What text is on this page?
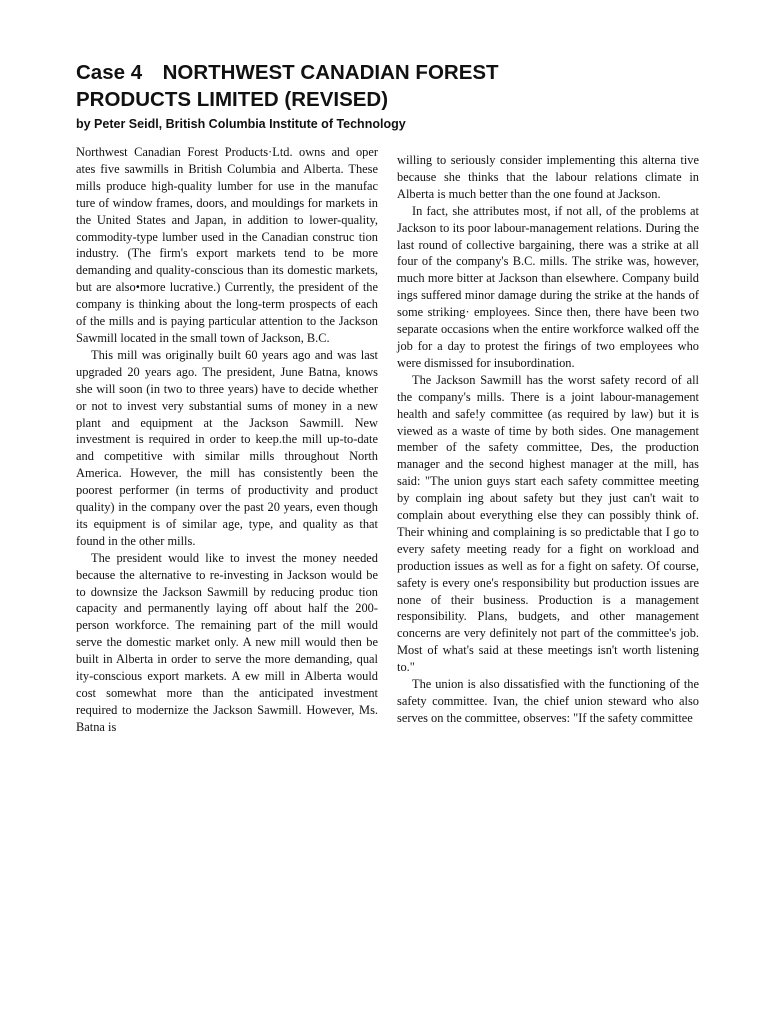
Case 4 NORTHWEST CANADIAN FOREST PRODUCTS LIMITED (REVISED)

by Peter Seidl, British Columbia Institute of Technology

Northwest Canadian Forest Products·Ltd. owns and oper ates five sawmills in British Columbia and Alberta. These mills produce high-quality lumber for use in the manufac ture of window frames, doors, and mouldings for markets in the United States and Japan, in addition to lower-quality, commodity-type lumber used in the Canadian construc tion industry. (The firm's export markets tend to be more demanding and quality-conscious than its domestic markets, but are also•more lucrative.) Currently, the president of the company is thinking about the long-term prospects of each of the mills and is paying particular attention to the Jackson Sawmill located in the small town of Jackson, B.C.

This mill was originally built 60 years ago and was last upgraded 20 years ago. The president, June Batna, knows she will soon (in two to three years) have to decide whether or not to invest very substantial sums of money in a new plant and equipment at the Jackson Sawmill. New investment is required in order to keep.the mill up-to-date and competitive with similar mills throughout North America. However, the mill has consistently been the poorest performer (in terms of productivity and product quality) in the company over the past 20 years, even though its equipment is of similar age, type, and quality as that found in the other mills.

The president would like to invest the money needed because the alternative to re-investing in Jackson would be to downsize the Jackson Sawmill by reducing produc tion capacity and permanently laying off about half the 200-person workforce. The remaining part of the mill would serve the domestic market only. A new mill would then be built in Alberta in order to serve the more demanding, qual ity-conscious export markets. A ew mill in Alberta would cost somewhat more than the anticipated investment required to modernize the Jackson Sawmill. However, Ms. Batna is

willing to seriously consider implementing this alterna tive because she thinks that the labour relations climate in Alberta is much better than the one found at Jackson.

In fact, she attributes most, if not all, of the problems at Jackson to its poor labour-management relations. During the last round of collective bargaining, there was a strike at all four of the company's B.C. mills. The strike was, however, much more bitter at Jackson than elsewhere. Company build ings suffered minor damage during the strike at the hands of some striking· employees. Since then, there have been two separate occasions when the entire workforce walked off the job for a day to protest the firings of two employees who were dismissed for insubordination.

The Jackson Sawmill has the worst safety record of all the company's mills. There is a joint labour-management health and safe!y committee (as required by law) but it is viewed as a waste of time by both sides. One management member of the safety committee, Des, the production manager and the second highest manager at the mill, has said: "The union guys start each safety committee meeting by complain ing about safety but they just can't wait to complain about everything else they can possibly think of. Their whining and complaining is so predictable that I go to every safety meeting ready for a fight on workload and production issues as well as for a fight on safety. Of course, safety is every one's responsibility but production issues are none of their business. Production is a management responsibility. Plans, budgets, and other management concerns are very definitely not part of the committee's job. Most of what's said at these meetings isn't worth listening to."

The union is also dissatisfied with the functioning of the safety committee. Ivan, the chief union steward who also serves on the committee, observes: "If the safety committee
